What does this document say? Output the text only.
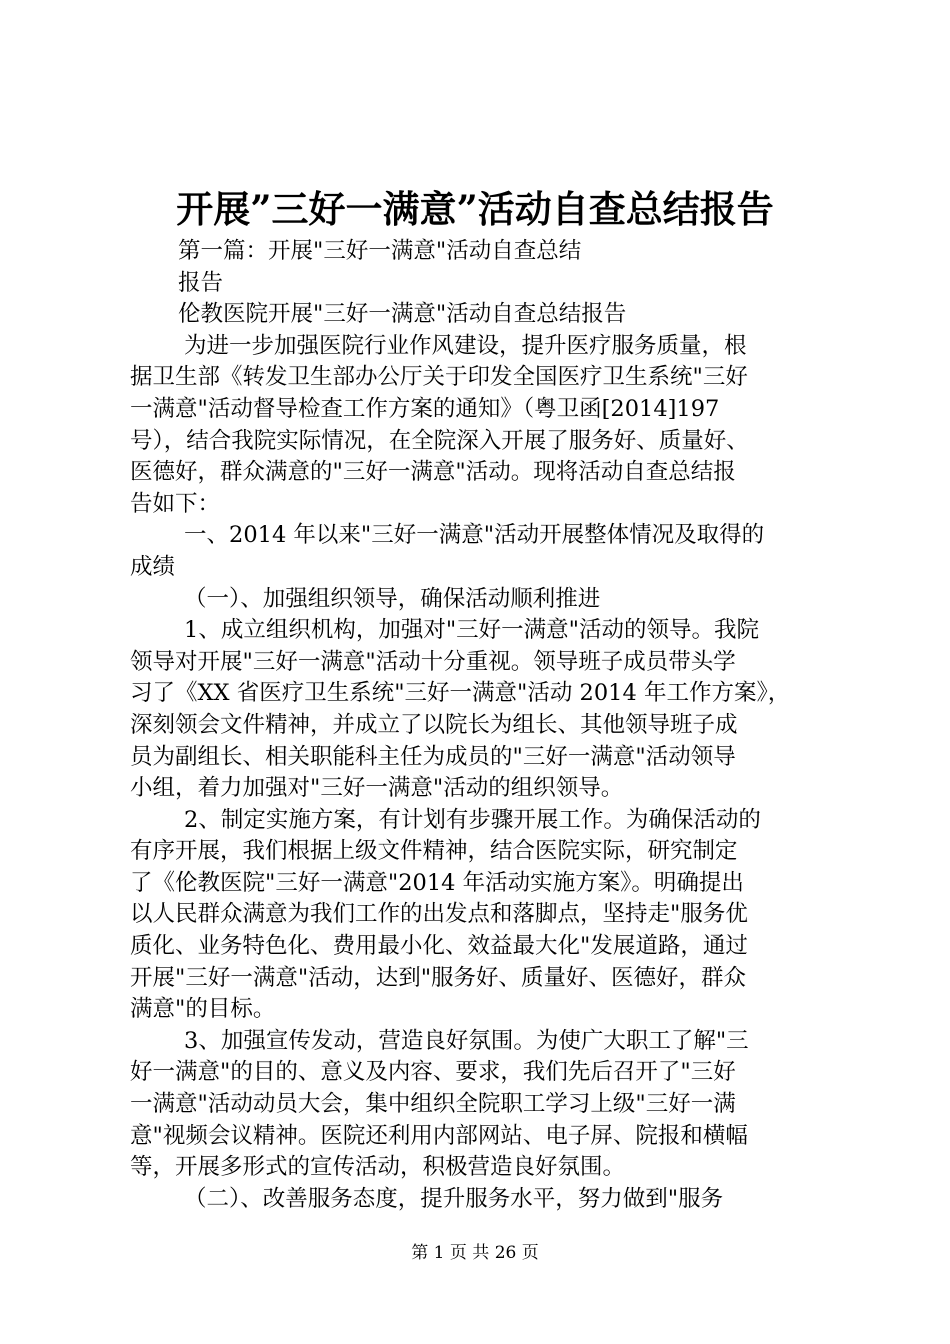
开展”三好一满意”活动自查总结报告
第一篇：开展"三好一满意"活动自查总结
报告
伦教医院开展"三好一满意"活动自查总结报告
为进一步加强医院行业作风建设，提升医疗服务质量，根
据卫生部《转发卫生部办公厅关于印发全国医疗卫生系统"三好
一满意"活动督导检查工作方案的通知》（粤卫函[2014]197
号），结合我院实际情况，在全院深入开展了服务好、质量好、
医德好，群众满意的"三好一满意"活动。现将活动自查总结报
告如下：
一、2014 年以来"三好一满意"活动开展整体情况及取得的
成绩
（一）、加强组织领导，确保活动顺利推进
1、成立组织机构，加强对"三好一满意"活动的领导。我院
领导对开展"三好一满意"活动十分重视。领导班子成员带头学
习了《XX 省医疗卫生系统"三好一满意"活动 2014 年工作方案》，
深刻领会文件精神，并成立了以院长为组长、其他领导班子成
员为副组长、相关职能科主任为成员的"三好一满意"活动领导
小组，着力加强对"三好一满意"活动的组织领导。
2、制定实施方案，有计划有步骤开展工作。为确保活动的
有序开展，我们根据上级文件精神，结合医院实际，研究制定
了《伦教医院"三好一满意"2014 年活动实施方案》。明确提出
以人民群众满意为我们工作的出发点和落脚点，坚持走"服务优
质化、业务特色化、费用最小化、效益最大化"发展道路，通过
开展"三好一满意"活动，达到"服务好、质量好、医德好，群众
满意"的目标。
3、加强宣传发动，营造良好氛围。为使广大职工了解"三
好一满意"的目的、意义及内容、要求，我们先后召开了"三好
一满意"活动动员大会，集中组织全院职工学习上级"三好一满
意"视频会议精神。医院还利用内部网站、电子屏、院报和横幅
等，开展多形式的宣传活动，积极营造良好氛围。
（二）、改善服务态度，提升服务水平，努力做到"服务
第 1 页 共 26 页
